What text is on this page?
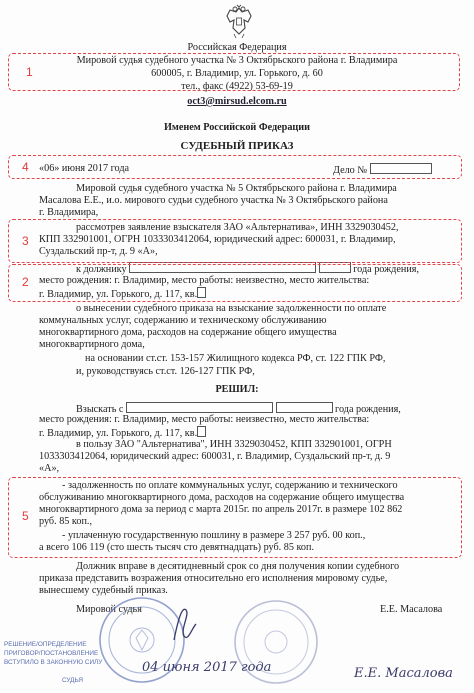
Российская Федерация
Мировой судья судебного участка № 3 Октябрьского района г. Владимира
600005, г. Владимир, ул. Горького, д. 60
тел., факс (4922) 53-69-19
oct3@mirsud.elcom.ru
Именем Российской Федерации
СУДЕБНЫЙ ПРИКАЗ
«06» июня 2017 года	Дело №
Мировой судья судебного участка № 5 Октябрьского района г. Владимира
Масалова Е.Е., и.о. мирового судьи судебного участка № 3 Октябрьского района
г. Владимира,
рассмотрев заявление взыскателя ЗАО «Альтернатива», ИНН 3329030452,
КПП 332901001, ОГРН 1033303412064, юридический адрес: 600031, г. Владимир,
Суздальский пр-т, д. 9 «А»,
к должнику	года рождения,
место рождения: г. Владимир, место работы: неизвестно, место жительства:
г. Владимир, ул. Горького, д. 117, кв.
о вынесении судебного приказа на взыскание задолженности по оплате
коммунальных услуг, содержанию и техническому обслуживанию
многоквартирного дома, расходов на содержание общего имущества
многоквартирного дома,
на основании ст.ст. 153-157 Жилищного кодекса РФ, ст. 122 ГПК РФ,
и, руководствуясь ст.ст. 126-127 ГПК РФ,
РЕШИЛ:
Взыскать с	года рождения,
место рождения: г. Владимир, место работы: неизвестно, место жительства:
г. Владимир, ул. Горького, д. 117, кв.
в пользу ЗАО "Альтернатива", ИНН 3329030452, КПП 332901001, ОГРН
1033303412064, юридический адрес: 600031, г. Владимир, Суздальский пр-т, д. 9
«А»,
- задолженность по оплате коммунальных услуг, содержанию и технического
обслуживанию многоквартирного дома, расходов на содержание общего имущества
многоквартирного дома за период с марта 2015г. по апрель 2017г. в размере 102 862
руб. 85 коп.,
- уплаченную государственную пошлину в размере 3 257 руб. 00 коп.,
а всего 106 119 (сто шесть тысяч сто девятнадцать) руб. 85 коп.
Должник вправе в десятидневный срок со дня получения копии судебного
приказа представить возражения относительно его исполнения мировому судье,
вынесшему судебный приказ.
Мировой судья	Е.Е. Масалова
РЕШЕНИЕ/ОПРЕДЕЛЕНИЕ
ПРИГОВОР/ПОСТАНОВЛЕНИЕ
ВСТУПИЛО В ЗАКОННУЮ СИЛУ
СУДЬЯ
04 июня 2017 года	Е.Е. Масалова
1
2
3
4
5
